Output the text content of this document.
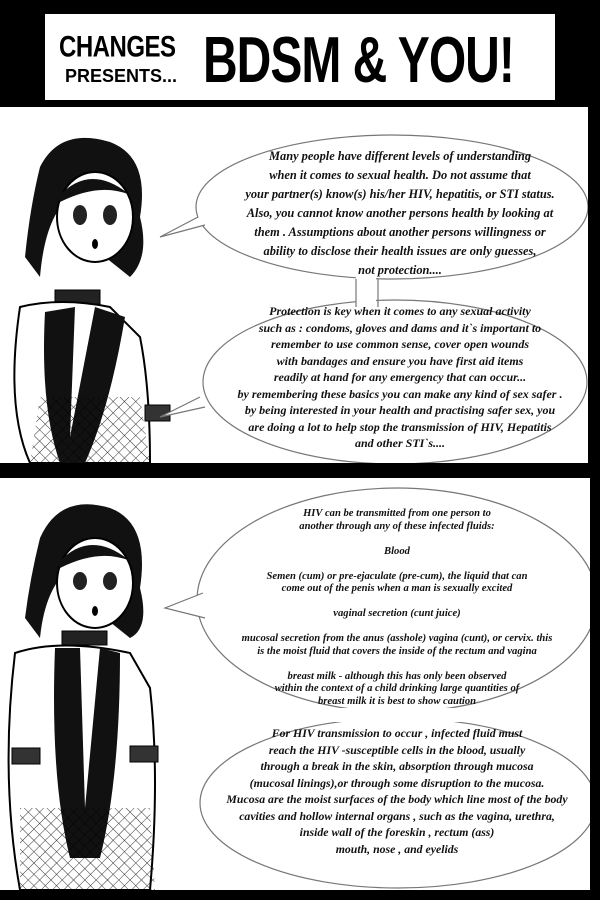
CHANGES
PRESENTS... BDSM & YOU!
Many people have different levels of understanding
when it comes to sexual health. Do not assume that
your partner(s) know(s) his/her HIV, hepatitis, or STI status.
Also, you cannot know another persons health by looking at
them . Assumptions about another persons willingness or
ability to disclose their health issues are only guesses,
not protection....
Protection is key when it comes to any sexual activity
such as : condoms, gloves and dams and it`s important to
remember to use common sense, cover open wounds
with bandages and ensure you have first aid items
readily at hand for any emergency that can occur...
by remembering these basics you can make any kind of sex safer .
by being interested in your health and practising safer sex, you
are doing a lot to help stop the transmission of HIV, Hepatitis
and other STI`s....
HIV can be transmitted from one person to
another through any of these infected fluids:

Blood

Semen (cum) or pre-ejaculate (pre-cum), the liquid that can
come out of the penis when a man is sexually excited

vaginal secretion (cunt juice)

mucosal secretion from the anus (asshole) vagina (cunt), or cervix. this
is the moist fluid that covers the inside of the rectum and vagina

breast milk - although this has only been observed
within the context of a child drinking large quantities of
breast milk it is best to show caution
For HIV transmission to occur , infected fluid must
reach the HIV -susceptible cells in the blood, usually
through a break in the skin, absorption through mucosa
(mucosal linings),or through some disruption to the mucosa.
Mucosa are the moist surfaces of the body which line most of the body
cavities and hollow internal organs , such as the vagina, urethra,
inside wall of the foreskin , rectum (ass)
mouth, nose , and eyelids
